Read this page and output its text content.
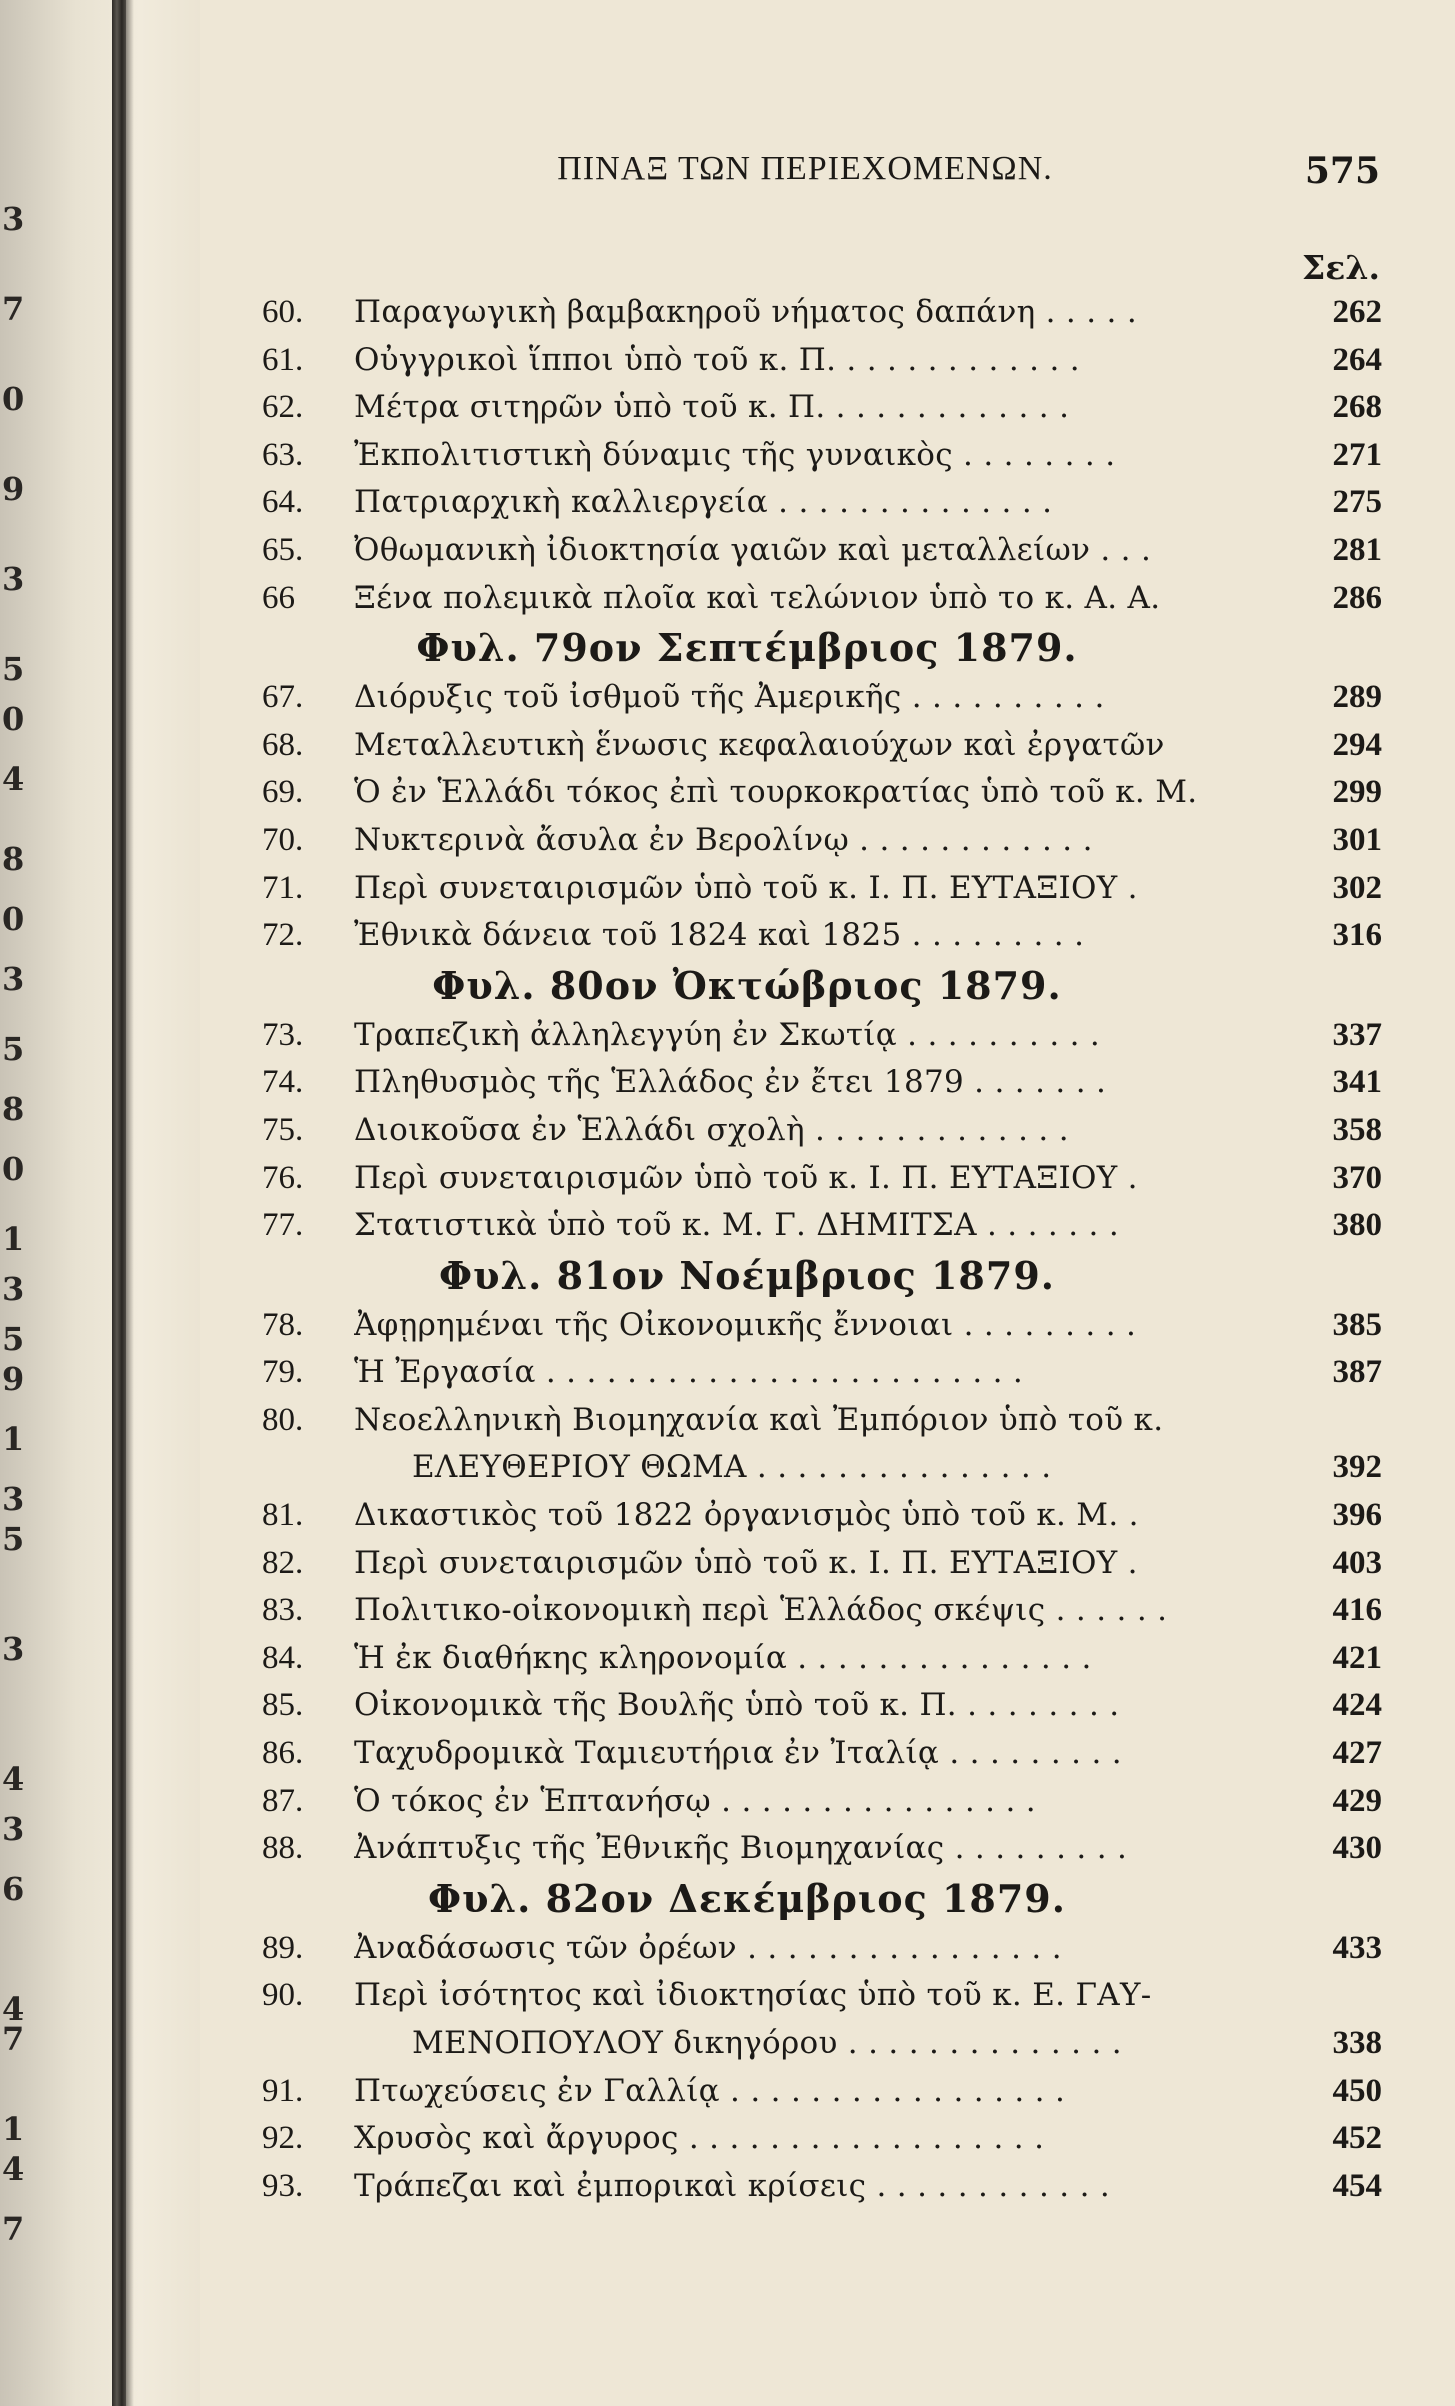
3
7
0
9
3
5
0
4
8
0
3
5
8
0
1
3
5
9
1
3
5
3
4
3
6
4
7
1
4
7
ΠΙΝΑΞ ΤΩΝ ΠΕΡΙΕΧΟΜΕΝΩΝ.	575
Σελ.
60.	Παραγωγικὴ βαμβακηροῦ νήματος δαπάνη . . . . .	262
61.	Οὐγγρικοὶ ἵπποι ὑπὸ τοῦ κ. Π. . . . . . . . . . . . .	264
62.	Μέτρα σιτηρῶν ὑπὸ τοῦ κ. Π. . . . . . . . . . . . .	268
63.	Ἐκπολιτιστικὴ δύναμις τῆς γυναικὸς . . . . . . . .	271
64.	Πατριαρχικὴ καλλιεργεία . . . . . . . . . . . . . .	275
65.	Ὀθωμανικὴ ἰδιοκτησία γαιῶν καὶ μεταλλείων . . .	281
66	Ξένα πολεμικὰ πλοῖα καὶ τελώνιον ὑπὸ το κ. Α. Α.	286
Φυλ. 79ον Σεπτέμβριος 1879.
67.	Διόρυξις τοῦ ἰσθμοῦ τῆς Ἀμερικῆς . . . . . . . . . .	289
68.	Μεταλλευτικὴ ἕνωσις κεφαλαιούχων καὶ ἐργατῶν	294
69.	Ὁ ἐν Ἑλλάδι τόκος ἐπὶ τουρκοκρατίας ὑπὸ τοῦ κ. Μ.	299
70.	Νυκτερινὰ ἄσυλα ἐν Βερολίνῳ . . . . . . . . . . . .	301
71.	Περὶ συνεταιρισμῶν ὑπὸ τοῦ κ. Ι. Π. ΕΥΤΑΞΙΟΥ .	302
72.	Ἐθνικὰ δάνεια τοῦ 1824 καὶ 1825 . . . . . . . . .	316
Φυλ. 80ον Ὀκτώβριος 1879.
73.	Τραπεζικὴ ἀλληλεγγύη ἐν Σκωτίᾳ . . . . . . . . . .	337
74.	Πληθυσμὸς τῆς Ἑλλάδος ἐν ἔτει 1879 . . . . . . .	341
75.	Διοικοῦσα ἐν Ἑλλάδι σχολὴ . . . . . . . . . . . . .	358
76.	Περὶ συνεταιρισμῶν ὑπὸ τοῦ κ. Ι. Π. ΕΥΤΑΞΙΟΥ .	370
77.	Στατιστικὰ ὑπὸ τοῦ κ. Μ. Γ. ΔΗΜΙΤΣΑ . . . . . . .	380
Φυλ. 81ον Νοέμβριος 1879.
78.	Ἀφῃρημέναι τῆς Οἰκονομικῆς ἔννοιαι . . . . . . . . .	385
79.	Ἡ Ἐργασία . . . . . . . . . . . . . . . . . . . . . . . .	387
80.	Νεοελληνικὴ Βιομηχανία καὶ Ἐμπόριον ὑπὸ τοῦ κ.
ΕΛΕΥΘΕΡΙΟΥ ΘΩΜΑ . . . . . . . . . . . . . . .	392
81.	Δικαστικὸς τοῦ 1822 ὀργανισμὸς ὑπὸ τοῦ κ. Μ. .	396
82.	Περὶ συνεταιρισμῶν ὑπὸ τοῦ κ. Ι. Π. ΕΥΤΑΞΙΟΥ .	403
83.	Πολιτικο-οἰκονομικὴ περὶ Ἑλλάδος σκέψις . . . . . .	416
84.	Ἡ ἐκ διαθήκης κληρονομία . . . . . . . . . . . . . . .	421
85.	Οἰκονομικὰ τῆς Βουλῆς ὑπὸ τοῦ κ. Π. . . . . . . . .	424
86.	Ταχυδρομικὰ Ταμιευτήρια ἐν Ἰταλίᾳ . . . . . . . . .	427
87.	Ὁ τόκος ἐν Ἑπτανήσῳ . . . . . . . . . . . . . . . .	429
88.	Ἀνάπτυξις τῆς Ἐθνικῆς Βιομηχανίας . . . . . . . . .	430
Φυλ. 82ον Δεκέμβριος 1879.
89.	Ἀναδάσωσις τῶν ὀρέων . . . . . . . . . . . . . . . .	433
90.	Περὶ ἰσότητος καὶ ἰδιοκτησίας ὑπὸ τοῦ κ. Ε. ΓΑΥ-
ΜΕΝΟΠΟΥΛΟΥ δικηγόρου . . . . . . . . . . . . . .	338
91.	Πτωχεύσεις ἐν Γαλλίᾳ . . . . . . . . . . . . . . . . .	450
92.	Χρυσὸς καὶ ἄργυρος . . . . . . . . . . . . . . . . . .	452
93.	Τράπεζαι καὶ ἐμπορικαὶ κρίσεις . . . . . . . . . . . .	454
